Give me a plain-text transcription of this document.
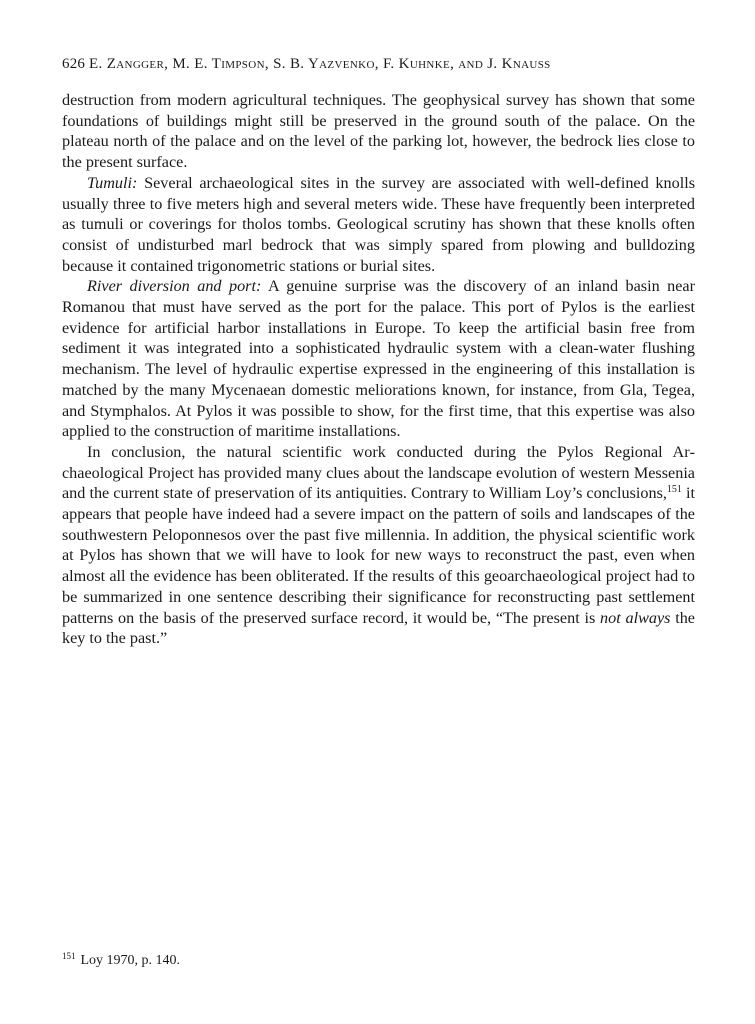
626 E. Zangger, M. E. Timpson, S. B. Yazvenko, F. Kuhnke, and J. Knauss

destruction from modern agricultural techniques. The geophysical survey has shown that some foundations of buildings might still be preserved in the ground south of the palace. On the plateau north of the palace and on the level of the parking lot, however, the bedrock lies close to the present surface.

Tumuli: Several archaeological sites in the survey are associated with well-defined knolls usually three to five meters high and several meters wide. These have frequently been interpreted as tumuli or coverings for tholos tombs. Geological scrutiny has shown that these knolls often consist of undisturbed marl bedrock that was simply spared from plowing and bulldozing because it contained trigonometric stations or burial sites.

River diversion and port: A genuine surprise was the discovery of an inland basin near Romanou that must have served as the port for the palace. This port of Pylos is the earliest evidence for artificial harbor installations in Europe. To keep the artificial basin free from sediment it was integrated into a sophisticated hydraulic system with a clean-water flushing mechanism. The level of hydraulic expertise expressed in the engineering of this installation is matched by the many Mycenaean domestic meliorations known, for instance, from Gla, Tegea, and Stymphalos. At Pylos it was possible to show, for the first time, that this expertise was also applied to the construction of maritime installations.

In conclusion, the natural scientific work conducted during the Pylos Regional Archaeological Project has provided many clues about the landscape evolution of western Messenia and the current state of preservation of its antiquities. Contrary to William Loy’s conclusions,$^{151}$ it appears that people have indeed had a severe impact on the pattern of soils and landscapes of the southwestern Peloponnesos over the past five millennia. In addition, the physical scientific work at Pylos has shown that we will have to look for new ways to reconstruct the past, even when almost all the evidence has been obliterated. If the results of this geoarchaeological project had to be summarized in one sentence describing their significance for reconstructing past settlement patterns on the basis of the preserved surface record, it would be, “The present is not always the key to the past.”

$^{151}$ Loy 1970, p. 140.
